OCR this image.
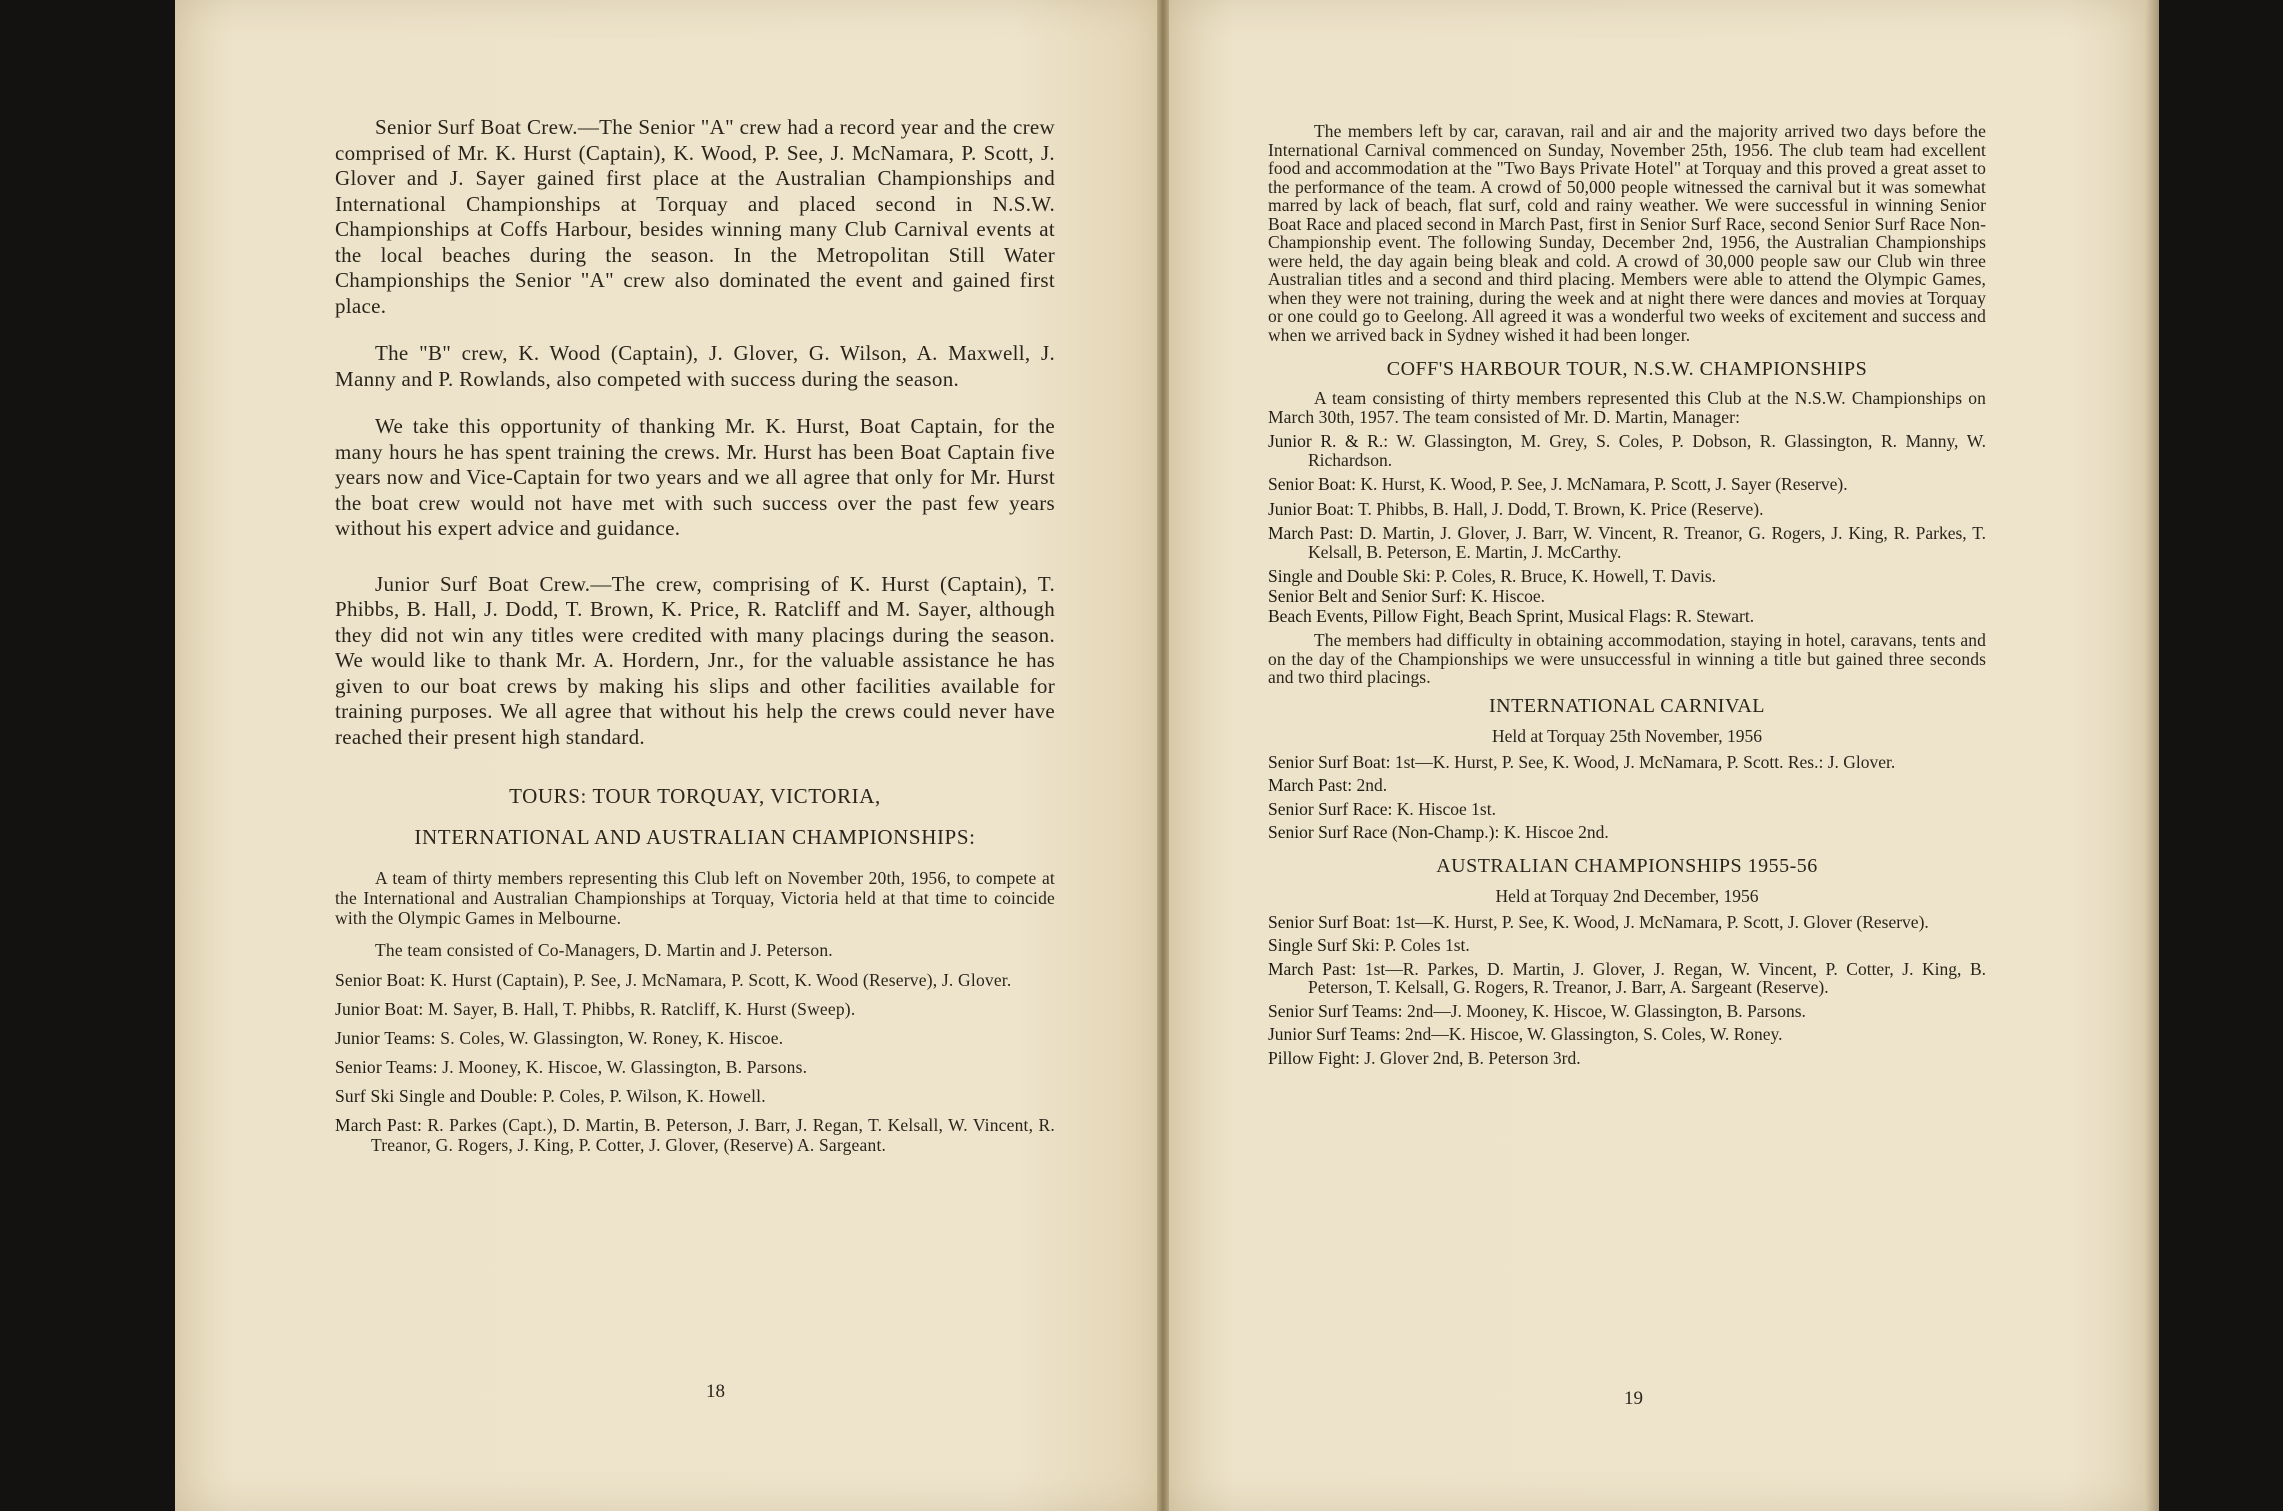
Senior Surf Boat Crew.—The Senior "A" crew had a record year and the crew comprised of Mr. K. Hurst (Captain), K. Wood, P. See, J. McNamara, P. Scott, J. Glover and J. Sayer gained first place at the Australian Championships and International Championships at Torquay and placed second in N.S.W. Championships at Coffs Harbour, besides winning many Club Carnival events at the local beaches during the season. In the Metropolitan Still Water Championships the Senior "A" crew also dominated the event and gained first place.

The "B" crew, K. Wood (Captain), J. Glover, G. Wilson, A. Maxwell, J. Manny and P. Rowlands, also competed with success during the season.

We take this opportunity of thanking Mr. K. Hurst, Boat Captain, for the many hours he has spent training the crews. Mr. Hurst has been Boat Captain five years now and Vice-Captain for two years and we all agree that only for Mr. Hurst the boat crew would not have met with such success over the past few years without his expert advice and guidance.

Junior Surf Boat Crew.—The crew, comprising of K. Hurst (Captain), T. Phibbs, B. Hall, J. Dodd, T. Brown, K. Price, R. Ratcliff and M. Sayer, although they did not win any titles were credited with many placings during the season. We would like to thank Mr. A. Hordern, Jnr., for the valuable assistance he has given to our boat crews by making his slips and other facilities available for training purposes. We all agree that without his help the crews could never have reached their present high standard.

TOURS: TOUR TORQUAY, VICTORIA,
INTERNATIONAL AND AUSTRALIAN CHAMPIONSHIPS:

A team of thirty members representing this Club left on November 20th, 1956, to compete at the International and Australian Championships at Torquay, Victoria held at that time to coincide with the Olympic Games in Melbourne.

The team consisted of Co-Managers, D. Martin and J. Peterson.

Senior Boat: K. Hurst (Captain), P. See, J. McNamara, P. Scott, K. Wood (Reserve), J. Glover.
Junior Boat: M. Sayer, B. Hall, T. Phibbs, R. Ratcliff, K. Hurst (Sweep).
Junior Teams: S. Coles, W. Glassington, W. Roney, K. Hiscoe.
Senior Teams: J. Mooney, K. Hiscoe, W. Glassington, B. Parsons.
Surf Ski Single and Double: P. Coles, P. Wilson, K. Howell.
March Past: R. Parkes (Capt.), D. Martin, B. Peterson, J. Barr, J. Regan, T. Kelsall, W. Vincent, R. Treanor, G. Rogers, J. King, P. Cotter, J. Glover, (Reserve) A. Sargeant.
18

The members left by car, caravan, rail and air and the majority arrived two days before the International Carnival commenced on Sunday, November 25th, 1956. The club team had excellent food and accommodation at the "Two Bays Private Hotel" at Torquay and this proved a great asset to the performance of the team. A crowd of 50,000 people witnessed the carnival but it was somewhat marred by lack of beach, flat surf, cold and rainy weather. We were successful in winning Senior Boat Race and placed second in March Past, first in Senior Surf Race, second Senior Surf Race Non-Championship event. The following Sunday, December 2nd, 1956, the Australian Championships were held, the day again being bleak and cold. A crowd of 30,000 people saw our Club win three Australian titles and a second and third placing. Members were able to attend the Olympic Games, when they were not training, during the week and at night there were dances and movies at Torquay or one could go to Geelong. All agreed it was a wonderful two weeks of excitement and success and when we arrived back in Sydney wished it had been longer.

COFF'S HARBOUR TOUR, N.S.W. CHAMPIONSHIPS

A team consisting of thirty members represented this Club at the N.S.W. Championships on March 30th, 1957. The team consisted of Mr. D. Martin, Manager:

Junior R. & R.: W. Glassington, M. Grey, S. Coles, P. Dobson, R. Glassington, R. Manny, W. Richardson.
Senior Boat: K. Hurst, K. Wood, P. See, J. McNamara, P. Scott, J. Sayer (Reserve).
Junior Boat: T. Phibbs, B. Hall, J. Dodd, T. Brown, K. Price (Reserve).
March Past: D. Martin, J. Glover, J. Barr, W. Vincent, R. Treanor, G. Rogers, J. King, R. Parkes, T. Kelsall, B. Peterson, E. Martin, J. McCarthy.
Single and Double Ski: P. Coles, R. Bruce, K. Howell, T. Davis.
Senior Belt and Senior Surf: K. Hiscoe.
Beach Events, Pillow Fight, Beach Sprint, Musical Flags: R. Stewart.

The members had difficulty in obtaining accommodation, staying in hotel, caravans, tents and on the day of the Championships we were unsuccessful in winning a title but gained three seconds and two third placings.

INTERNATIONAL CARNIVAL
Held at Torquay 25th November, 1956
Senior Surf Boat: 1st—K. Hurst, P. See, K. Wood, J. McNamara, P. Scott. Res.: J. Glover.
March Past: 2nd.
Senior Surf Race: K. Hiscoe 1st.
Senior Surf Race (Non-Champ.): K. Hiscoe 2nd.
AUSTRALIAN CHAMPIONSHIPS 1955-56
Held at Torquay 2nd December, 1956
Senior Surf Boat: 1st—K. Hurst, P. See, K. Wood, J. McNamara, P. Scott, J. Glover (Reserve).
Single Surf Ski: P. Coles 1st.
March Past: 1st—R. Parkes, D. Martin, J. Glover, J. Regan, W. Vincent, P. Cotter, J. King, B. Peterson, T. Kelsall, G. Rogers, R. Treanor, J. Barr, A. Sargeant (Reserve).
Senior Surf Teams: 2nd—J. Mooney, K. Hiscoe, W. Glassington, B. Parsons.
Junior Surf Teams: 2nd—K. Hiscoe, W. Glassington, S. Coles, W. Roney.
Pillow Fight: J. Glover 2nd, B. Peterson 3rd.
19
